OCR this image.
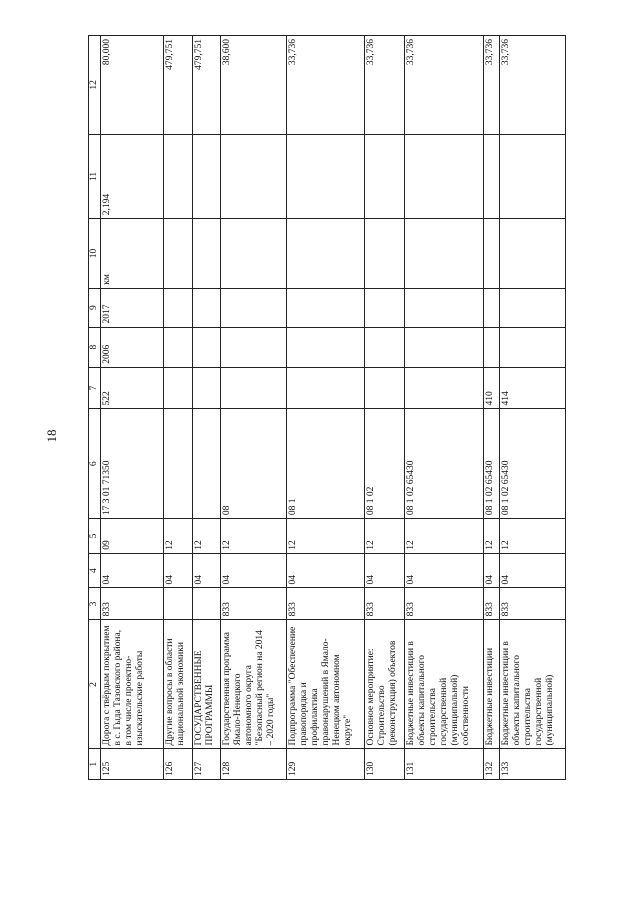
18
1	2	3	4	5	6	7	8	9	10	11	12
125	Дорога с твёрдым покрытием в с. Гыда Тазовского района, в том числе проектно-изыскательские работы	833	04	09	17 3 01 71350	522	2006	2017	км	2,194	80,000
126	Другие вопросы в области национальной экономики		04	12							479,751
127	ГОСУДАРСТВЕННЫЕ ПРОГРАММЫ		04	12							479,751
128	Государственная программа Ямало-Ненецкого автономного округа "Безопасный регион на 2014 – 2020 годы"	833	04	12	08						38,600
129	Подпрограмма "Обеспечение правопорядка и профилактика правонарушений в Ямало-Ненецком автономном округе"	833	04	12	08 1						33,736
130	Основное мероприятие: Строительство (реконструкция) объектов	833	04	12	08 1 02						33,736
131	Бюджетные инвестиции в объекты капитального строительства государственной (муниципальной) собственности	833	04	12	08 1 02 65430						33,736
132	Бюджетные инвестиции	833	04	12	08 1 02 65430	410					33,736
133	Бюджетные инвестиции в объекты капитального строительства государственной (муниципальной)	833	04	12	08 1 02 65430	414					33,736
